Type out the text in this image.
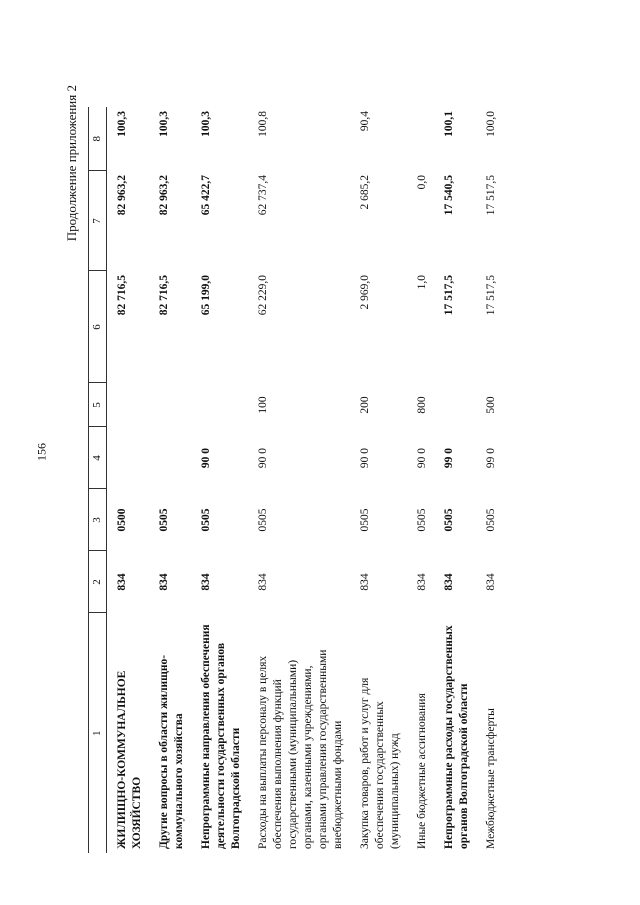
156
Продолжение приложения 2
1	2	3	4	5	6	7	8
ЖИЛИЩНО-КОММУНАЛЬНОЕ ХОЗЯЙСТВО	834	0500			82 716,5	82 963,2	100,3
Другие вопросы в области жилищно-коммунального хозяйства	834	0505			82 716,5	82 963,2	100,3
Непрограммные направления обеспечения деятельности государственных органов Волгоградской области	834	0505	90 0		65 199,0	65 422,7	100,3
Расходы на выплаты персоналу в целях обеспечения выполнения функций государственными (муниципальными) органами, казенными учреждениями, органами управления государственными внебюджетными фондами	834	0505	90 0	100	62 229,0	62 737,4	100,8
Закупка товаров, работ и услуг для обеспечения государственных (муниципальных) нужд	834	0505	90 0	200	2 969,0	2 685,2	90,4
Иные бюджетные ассигнования	834	0505	90 0	800	1,0	0,0	
Непрограммные расходы государственных органов Волгоградской области	834	0505	99 0		17 517,5	17 540,5	100,1
Межбюджетные трансферты	834	0505	99 0	500	17 517,5	17 517,5	100,0
